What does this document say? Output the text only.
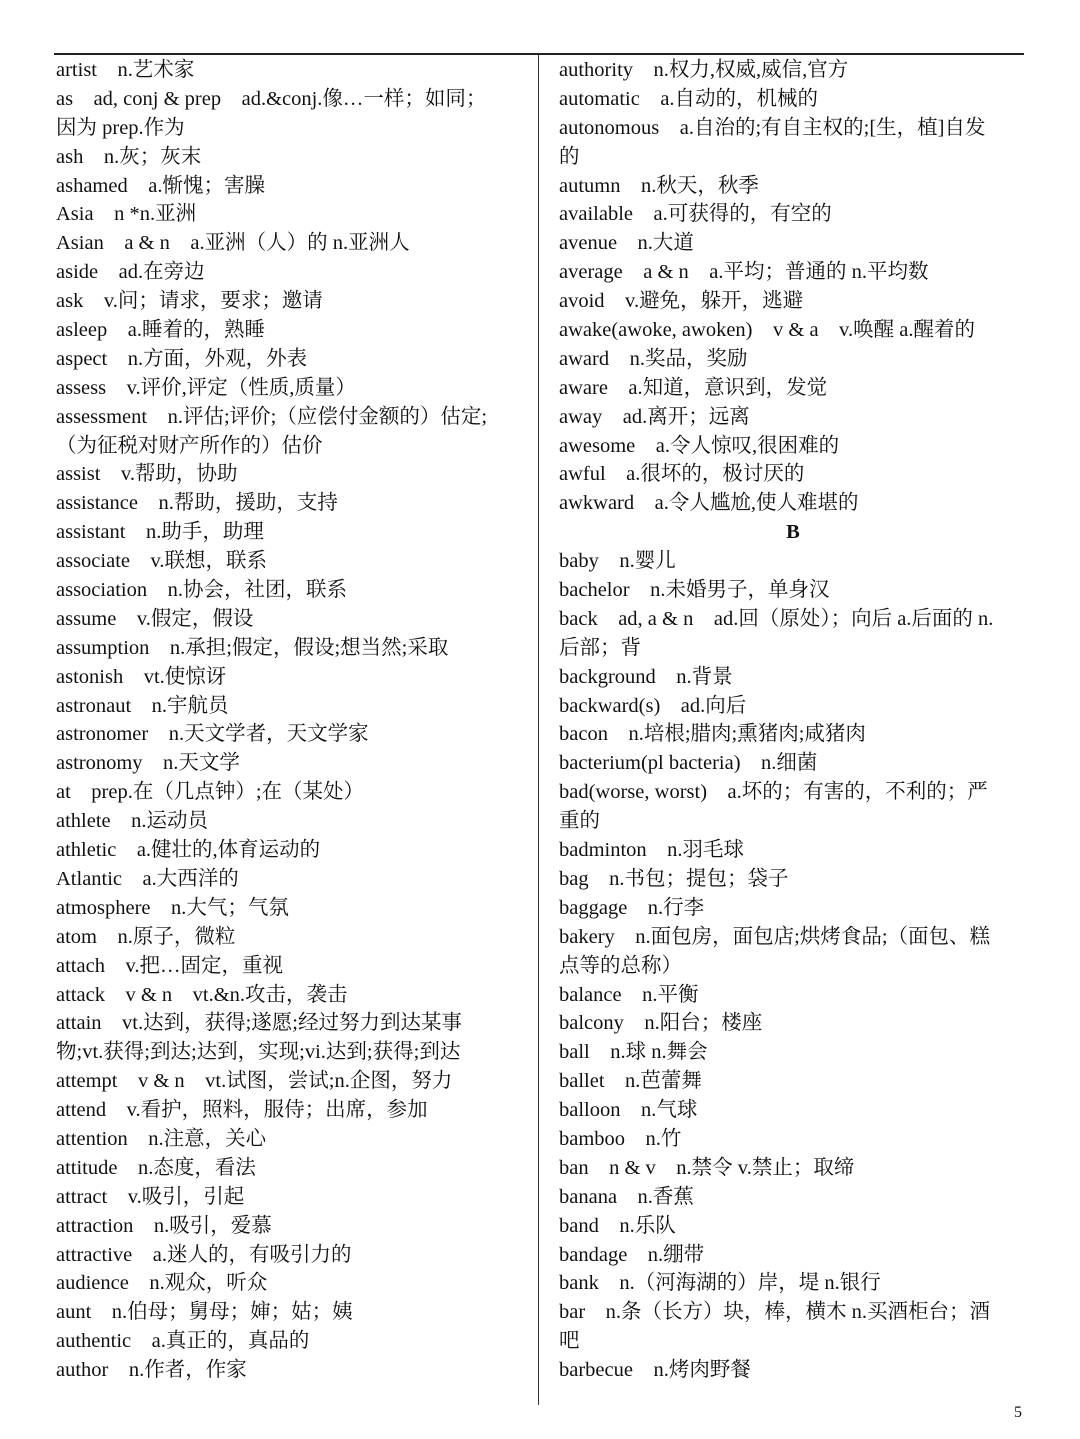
artist　n.艺术家
as　ad, conj & prep　ad.&conj.像…一样；如同；
因为 prep.作为
ash　n.灰；灰末
ashamed　a.惭愧；害臊
Asia　n *n.亚洲
Asian　a & n　a.亚洲（人）的 n.亚洲人
aside　ad.在旁边
ask　v.问；请求，要求；邀请
asleep　a.睡着的，熟睡
aspect　n.方面，外观，外表
assess　v.评价,评定（性质,质量）
assessment　n.评估;评价;（应偿付金额的）估定;
（为征税对财产所作的）估价
assist　v.帮助，协助
assistance　n.帮助，援助，支持
assistant　n.助手，助理
associate　v.联想，联系
association　n.协会，社团，联系
assume　v.假定，假设
assumption　n.承担;假定，假设;想当然;采取
astonish　vt.使惊讶
astronaut　n.宇航员
astronomer　n.天文学者，天文学家
astronomy　n.天文学
at　prep.在（几点钟）;在（某处）
athlete　n.运动员
athletic　a.健壮的,体育运动的
Atlantic　a.大西洋的
atmosphere　n.大气；气氛
atom　n.原子，微粒
attach　v.把…固定，重视
attack　v & n　vt.&n.攻击，袭击
attain　vt.达到，获得;遂愿;经过努力到达某事
物;vt.获得;到达;达到，实现;vi.达到;获得;到达
attempt　v & n　vt.试图，尝试;n.企图，努力
attend　v.看护，照料，服侍；出席，参加
attention　n.注意，关心
attitude　n.态度，看法
attract　v.吸引，引起
attraction　n.吸引，爱慕
attractive　a.迷人的，有吸引力的
audience　n.观众，听众
aunt　n.伯母；舅母；婶；姑；姨
authentic　a.真正的，真品的
author　n.作者，作家
authority　n.权力,权威,威信,官方
automatic　a.自动的，机械的
autonomous　a.自治的;有自主权的;[生，植]自发
的
autumn　n.秋天，秋季
available　a.可获得的，有空的
avenue　n.大道
average　a & n　a.平均；普通的 n.平均数
avoid　v.避免，躲开，逃避
awake(awoke, awoken)　v & a　v.唤醒 a.醒着的
award　n.奖品，奖励
aware　a.知道，意识到，发觉
away　ad.离开；远离
awesome　a.令人惊叹,很困难的
awful　a.很坏的，极讨厌的
awkward　a.令人尴尬,使人难堪的
B
baby　n.婴儿
bachelor　n.未婚男子，单身汉
back　ad, a & n　ad.回（原处）；向后 a.后面的 n.
后部；背
background　n.背景
backward(s)　ad.向后
bacon　n.培根;腊肉;熏猪肉;咸猪肉
bacterium(pl bacteria)　n.细菌
bad(worse, worst)　a.坏的；有害的，不利的；严
重的
badminton　n.羽毛球
bag　n.书包；提包；袋子
baggage　n.行李
bakery　n.面包房，面包店;烘烤食品;（面包、糕
点等的总称）
balance　n.平衡
balcony　n.阳台；楼座
ball　n.球 n.舞会
ballet　n.芭蕾舞
balloon　n.气球
bamboo　n.竹
ban　n & v　n.禁令 v.禁止；取缔
banana　n.香蕉
band　n.乐队
bandage　n.绷带
bank　n.（河海湖的）岸，堤 n.银行
bar　n.条（长方）块，棒，横木 n.买酒柜台；酒
吧
barbecue　n.烤肉野餐
5
